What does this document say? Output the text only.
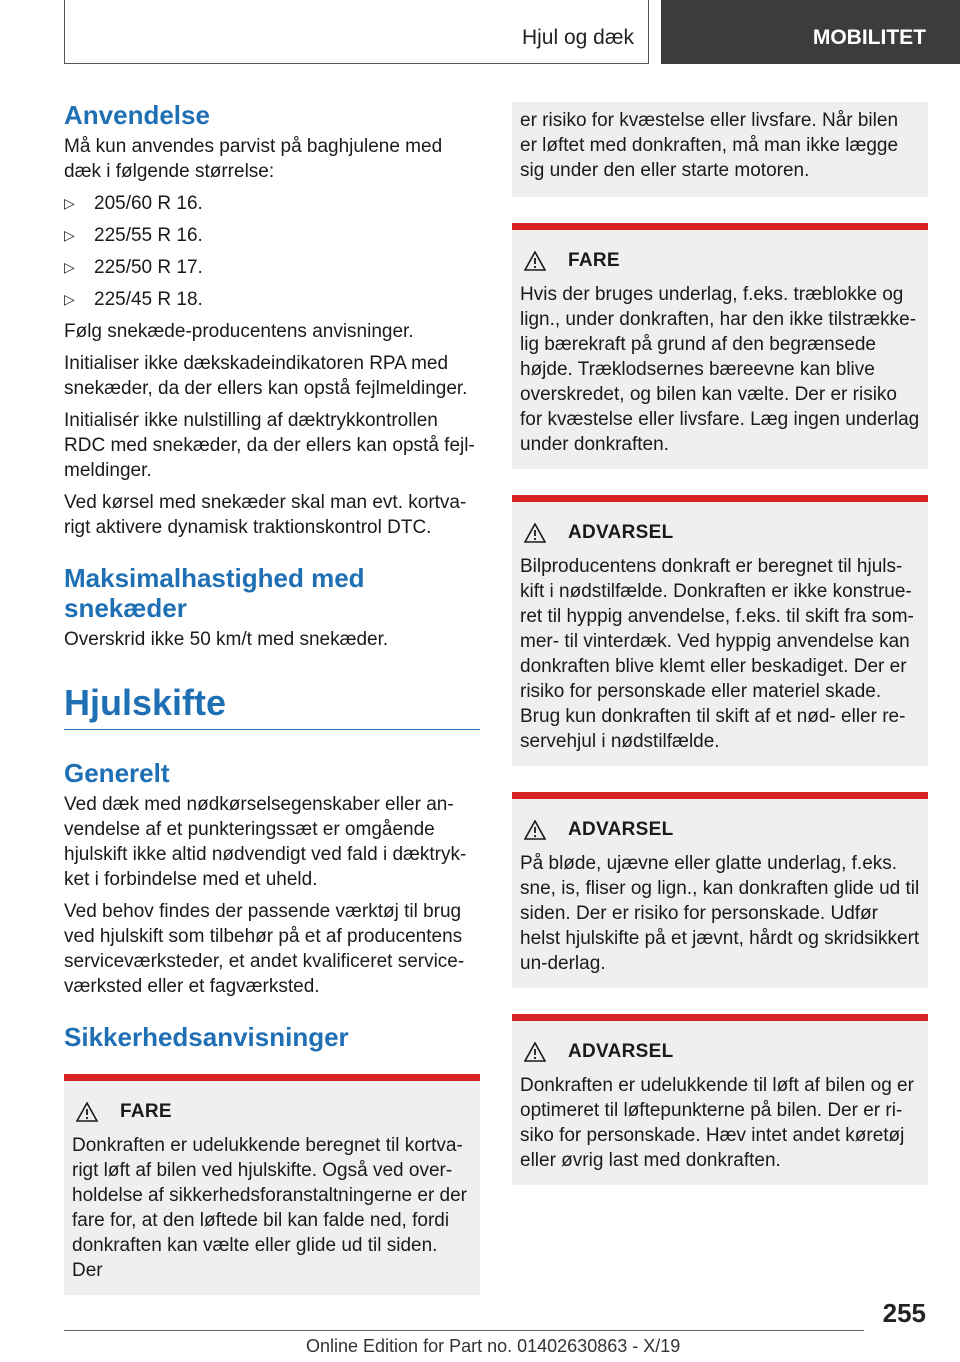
Hjul og dæk	MOBILITET
Anvendelse

Må kun anvendes parvist på baghjulene med dæk i følgende størrelse:

▷ 205/60 R 16.
▷ 225/55 R 16.
▷ 225/50 R 17.
▷ 225/45 R 18.

Følg snekæde-producentens anvisninger.

Initialiser ikke dækskadeindikatoren RPA med snekæder, da der ellers kan opstå fejlmeldinger.

Initialisér ikke nulstilling af dæktrykkontrollen RDC med snekæder, da der ellers kan opstå fejl-meldinger.

Ved kørsel med snekæder skal man evt. kortva-rigt aktivere dynamisk traktionskontrol DTC.

Maksimalhastighed med snekæder

Overskrid ikke 50 km/t med snekæder.

Hjulskifte
Generelt

Ved dæk med nødkørselsegenskaber eller an-vendelse af et punkteringssæt er omgående hjulskift ikke altid nødvendigt ved fald i dæktryk-ket i forbindelse med et uheld.

Ved behov findes der passende værktøj til brug ved hjulskift som tilbehør på et af producentens serviceværksteder, et andet kvalificeret service-værksted eller et fagværksted.

Sikkerhedsanvisninger
FARE

Donkraften er udelukkende beregnet til kortva-rigt løft af bilen ved hjulskifte. Også ved over-holdelse af sikkerhedsforanstaltningerne er der fare for, at den løftede bil kan falde ned, fordi donkraften kan vælte eller glide ud til siden. Der

er risiko for kvæstelse eller livsfare. Når bilen er løftet med donkraften, må man ikke lægge sig under den eller starte motoren.

FARE

Hvis der bruges underlag, f.eks. træblokke og lign., under donkraften, har den ikke tilstrække-lig bærekraft på grund af den begrænsede højde. Træklodsernes bæreevne kan blive overskredet, og bilen kan vælte. Der er risiko for kvæstelse eller livsfare. Læg ingen underlag under donkraften.

ADVARSEL

Bilproducentens donkraft er beregnet til hjuls-kift i nødstilfælde. Donkraften er ikke konstrue-ret til hyppig anvendelse, f.eks. til skift fra som-mer- til vinterdæk. Ved hyppig anvendelse kan donkraften blive klemt eller beskadiget. Der er risiko for personskade eller materiel skade. Brug kun donkraften til skift af et nød- eller re-servehjul i nødstilfælde.

ADVARSEL

På bløde, ujævne eller glatte underlag, f.eks. sne, is, fliser og lign., kan donkraften glide ud til siden. Der er risiko for personskade. Udfør helst hjulskifte på et jævnt, hårdt og skridsikkert un-derlag.

ADVARSEL

Donkraften er udelukkende til løft af bilen og er optimeret til løftepunkterne på bilen. Der er ri-siko for personskade. Hæv intet andet køretøj eller øvrig last med donkraften.

255
Online Edition for Part no. 01402630863 - X/19
